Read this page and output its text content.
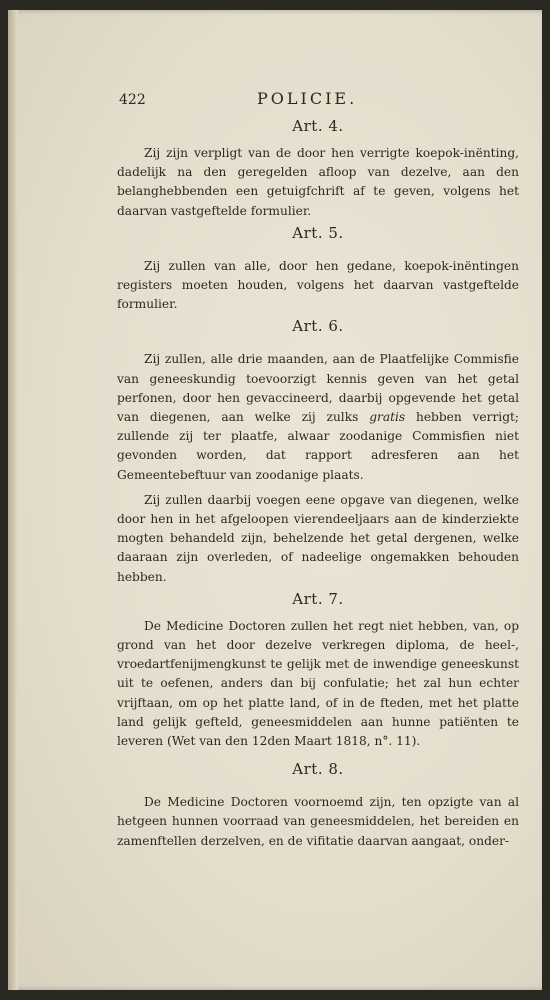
422	POLICIE.
Art. 4.

Zij zijn verpligt van de door hen verrigte koepok-inënting, dadelijk na den geregelden afloop van dezelve, aan den belanghebbenden een getuigfchrift af te geven, volgens het daarvan vastgeftelde formulier.

Art. 5.

Zij zullen van alle, door hen gedane, koepok-inëntingen registers moeten houden, volgens het daarvan vastgeftelde formulier.

Art. 6.

Zij zullen, alle drie maanden, aan de Plaatfelijke Commisfie van geneeskundig toevoorzigt kennis geven van het getal perfonen, door hen gevaccineerd, daarbij opgevende het getal van diegenen, aan welke zij zulks gratis hebben verrigt; zullende zij ter plaatfe, alwaar zoodanige Commisfien niet gevonden worden, dat rapport adresferen aan het Gemeentebeftuur van zoodanige plaats.

Zij zullen daarbij voegen eene opgave van diegenen, welke door hen in het afgeloopen vierendeeljaars aan de kinderziekte mogten behandeld zijn, behelzende het getal dergenen, welke daaraan zijn overleden, of nadeelige ongemakken behouden hebben.

Art. 7.

De Medicine Doctoren zullen het regt niet hebben, van, op grond van het door dezelve verkregen diploma, de heel-, vroedartfenijmengkunst te gelijk met de inwendige geneeskunst uit te oefenen, anders dan bij confulatie; het zal hun echter vrijftaan, om op het platte land, of in de fteden, met het platte land gelijk gefteld, geneesmiddelen aan hunne patiënten te leveren (Wet van den 12den Maart 1818, n°. 11).

Art. 8.

De Medicine Doctoren voornoemd zijn, ten opzigte van al hetgeen hunnen voorraad van geneesmiddelen, het bereiden en zamenftellen derzelven, en de vifitatie daarvan aangaat, onder-
